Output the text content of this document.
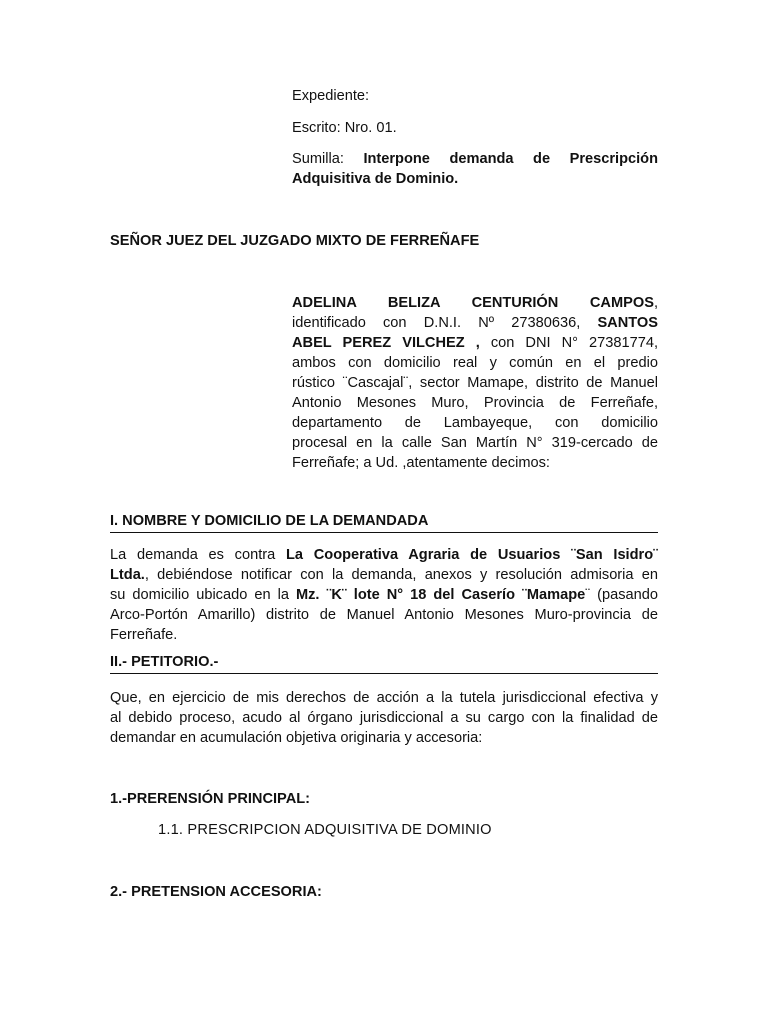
Expediente:
Escrito: Nro. 01.
Sumilla: Interpone demanda de Prescripción
Adquisitiva de Dominio.
SEÑOR JUEZ DEL JUZGADO MIXTO DE FERREÑAFE
ADELINA BELIZA CENTURIÓN CAMPOS,
identificado con D.N.I. Nº 27380636, SANTOS
ABEL PEREZ VILCHEZ , con DNI N° 27381774,
ambos con domicilio real y común en el predio
rústico ¨Cascajal¨, sector Mamape, distrito de Manuel
Antonio Mesones Muro, Provincia de Ferreñafe,
departamento de Lambayeque, con domicilio
procesal en la calle San Martín N° 319-cercado de
Ferreñafe; a Ud. ,atentamente decimos:
I. NOMBRE Y DOMICILIO DE LA DEMANDADA
La demanda es contra La Cooperativa Agraria de Usuarios ¨San Isidro¨
Ltda., debiéndose notificar con la demanda, anexos y resolución admisoria en
su domicilio ubicado en la Mz. ¨K¨ lote N° 18 del Caserío ¨Mamape¨ (pasando
Arco-Portón Amarillo) distrito de Manuel Antonio Mesones Muro-provincia de
Ferreñafe.
II.- PETITORIO.-
Que, en ejercicio de mis derechos de acción a la tutela jurisdiccional efectiva y
al debido proceso, acudo al órgano jurisdiccional a su cargo con la finalidad de
demandar en acumulación objetiva originaria y accesoria:
1.-PRERENSIÓN PRINCIPAL:
1.1. PRESCRIPCION ADQUISITIVA DE DOMINIO
2.- PRETENSION ACCESORIA:
